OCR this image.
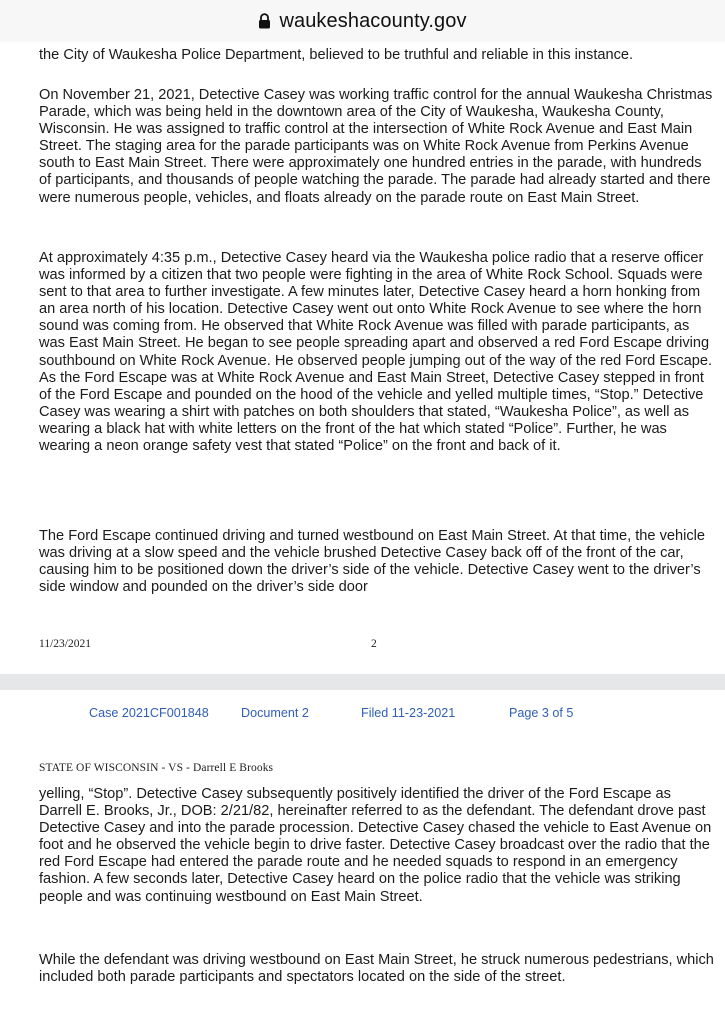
waukeshacounty.gov

the City of Waukesha Police Department, believed to be truthful and reliable in this instance.

On November 21, 2021, Detective Casey was working traffic control for the annual Waukesha Christmas Parade, which was being held in the downtown area of the City of Waukesha, Waukesha County, Wisconsin. He was assigned to traffic control at the intersection of White Rock Avenue and East Main Street. The staging area for the parade participants was on White Rock Avenue from Perkins Avenue south to East Main Street. There were approximately one hundred entries in the parade, with hundreds of participants, and thousands of people watching the parade. The parade had already started and there were numerous people, vehicles, and floats already on the parade route on East Main Street.

At approximately 4:35 p.m., Detective Casey heard via the Waukesha police radio that a reserve officer was informed by a citizen that two people were fighting in the area of White Rock School. Squads were sent to that area to further investigate. A few minutes later, Detective Casey heard a horn honking from an area north of his location. Detective Casey went out onto White Rock Avenue to see where the horn sound was coming from. He observed that White Rock Avenue was filled with parade participants, as was East Main Street. He began to see people spreading apart and observed a red Ford Escape driving southbound on White Rock Avenue. He observed people jumping out of the way of the red Ford Escape. As the Ford Escape was at White Rock Avenue and East Main Street, Detective Casey stepped in front of the Ford Escape and pounded on the hood of the vehicle and yelled multiple times, “Stop.” Detective Casey was wearing a shirt with patches on both shoulders that stated, “Waukesha Police”, as well as wearing a black hat with white letters on the front of the hat which stated “Police”. Further, he was wearing a neon orange safety vest that stated “Police” on the front and back of it.

The Ford Escape continued driving and turned westbound on East Main Street. At that time, the vehicle was driving at a slow speed and the vehicle brushed Detective Casey back off of the front of the car, causing him to be positioned down the driver’s side of the vehicle. Detective Casey went to the driver’s side window and pounded on the driver’s side door

11/23/2021	2
Case 2021CF001848	Document 2	Filed 11-23-2021	Page 3 of 5
STATE OF WISCONSIN - VS - Darrell E Brooks

yelling, “Stop”. Detective Casey subsequently positively identified the driver of the Ford Escape as Darrell E. Brooks, Jr., DOB: 2/21/82, hereinafter referred to as the defendant. The defendant drove past Detective Casey and into the parade procession. Detective Casey chased the vehicle to East Avenue on foot and he observed the vehicle begin to drive faster. Detective Casey broadcast over the radio that the red Ford Escape had entered the parade route and he needed squads to respond in an emergency fashion. A few seconds later, Detective Casey heard on the police radio that the vehicle was striking people and was continuing westbound on East Main Street.

While the defendant was driving westbound on East Main Street, he struck numerous pedestrians, which included both parade participants and spectators located on the side of the street.
